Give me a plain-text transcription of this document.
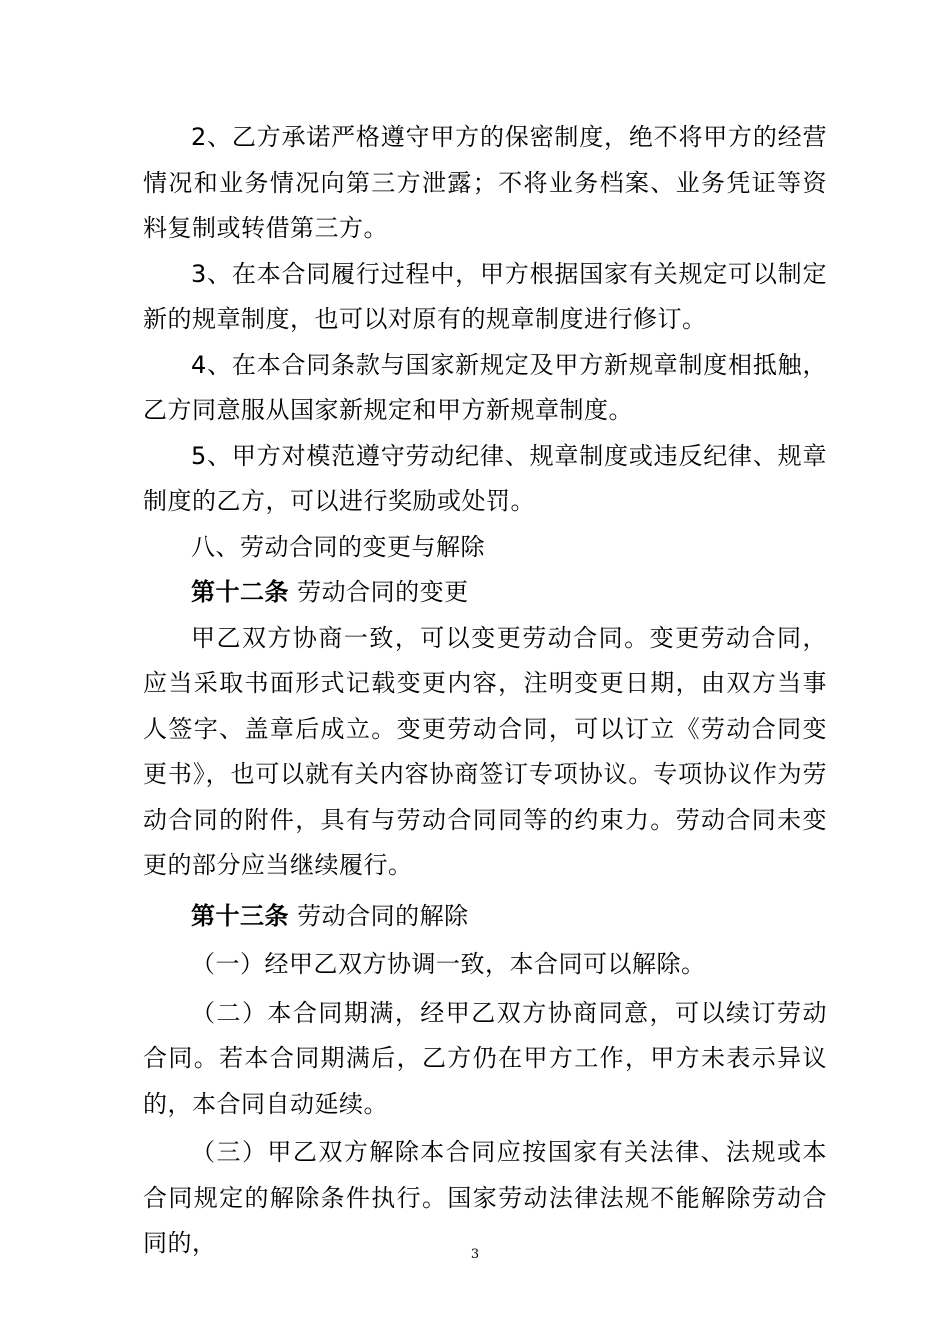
2、乙方承诺严格遵守甲方的保密制度，绝不将甲方的经营情况和业务情况向第三方泄露；不将业务档案、业务凭证等资料复制或转借第三方。

3、在本合同履行过程中，甲方根据国家有关规定可以制定新的规章制度，也可以对原有的规章制度进行修订。

4、在本合同条款与国家新规定及甲方新规章制度相抵触，乙方同意服从国家新规定和甲方新规章制度。

5、甲方对模范遵守劳动纪律、规章制度或违反纪律、规章制度的乙方，可以进行奖励或处罚。

八、劳动合同的变更与解除

第十二条 劳动合同的变更

甲乙双方协商一致，可以变更劳动合同。变更劳动合同，应当采取书面形式记载变更内容，注明变更日期，由双方当事人签字、盖章后成立。变更劳动合同，可以订立《劳动合同变更书》，也可以就有关内容协商签订专项协议。专项协议作为劳动合同的附件，具有与劳动合同同等的约束力。劳动合同未变更的部分应当继续履行。

第十三条 劳动合同的解除

（一）经甲乙双方协调一致，本合同可以解除。

（二）本合同期满，经甲乙双方协商同意，可以续订劳动合同。若本合同期满后，乙方仍在甲方工作，甲方未表示异议的，本合同自动延续。

（三）甲乙双方解除本合同应按国家有关法律、法规或本合同规定的解除条件执行。国家劳动法律法规不能解除劳动合同的，	3
